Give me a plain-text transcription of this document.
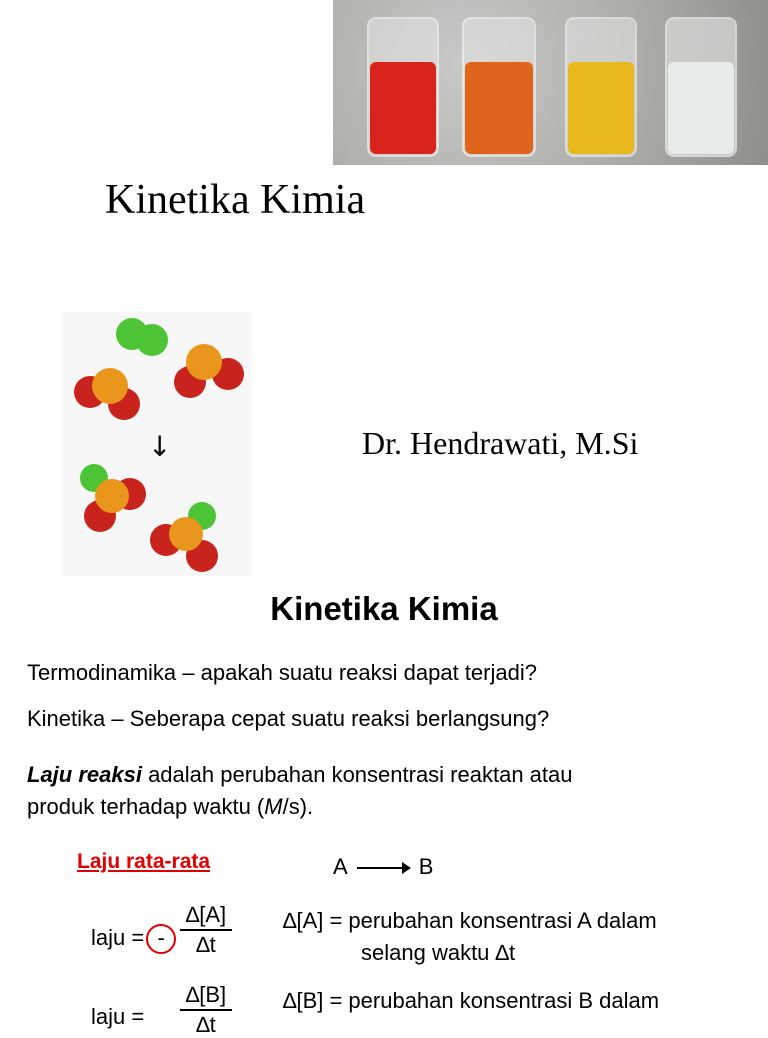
Kinetika Kimia
↓	Dr. Hendrawati, M.Si
Kinetika Kimia
Termodinamika – apakah suatu reaksi dapat terjadi?
Kinetika – Seberapa cepat suatu reaksi berlangsung?
Laju reaksi adalah perubahan konsentrasi reaktan atau
produk terhadap waktu (M/s).
Laju rata-rata	A	B
laju = -
∆[A]
∆t
∆[A] = perubahan konsentrasi A dalam
selang waktu ∆t
laju =
∆[B]
∆t
∆[B] = perubahan konsentrasi B dalam
